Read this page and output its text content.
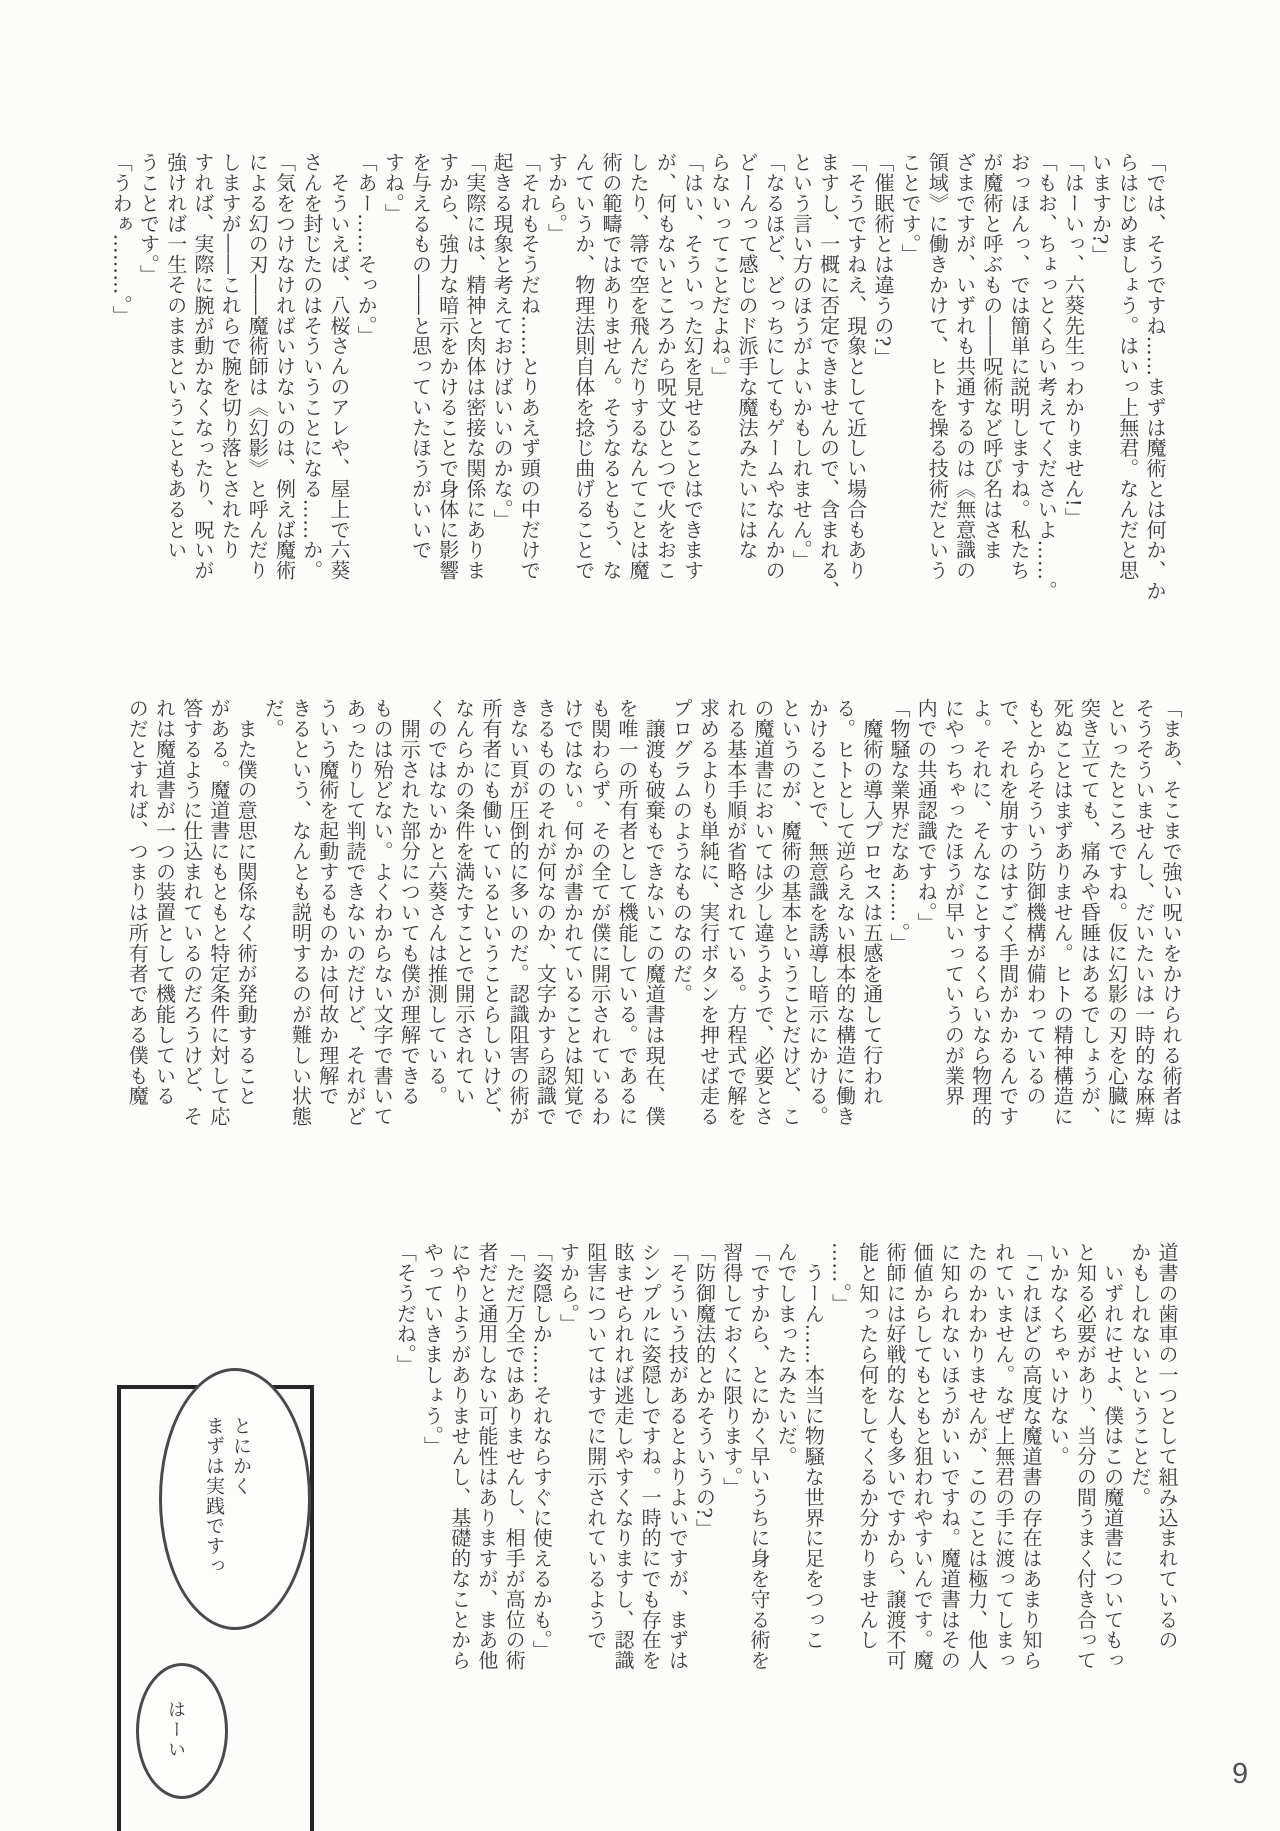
「では、そうですね……まずは魔術とは何か、か
らはじめましょう。はいっ上無君。なんだと思
いますか?」
「はーいっ、六葵先生っわかりません!」
「もお、ちょっとくらい考えてくださいよ……。
おっほんっ、では簡単に説明しますね。私たち
が魔術と呼ぶもの――呪術など呼び名はさま
ざまですが、いずれも共通するのは《無意識の
領域》に働きかけて、ヒトを操る技術だという
ことです。」
「催眠術とは違うの?」
「そうですねえ、現象として近しい場合もあり
ますし、一概に否定できませんので、含まれる、
という言い方のほうがよいかもしれません。」
「なるほど、どっちにしてもゲームやなんかの
どーんって感じのド派手な魔法みたいにはな
らないってことだよね。」
「はい、そういった幻を見せることはできます
が、何もないところから呪文ひとつで火をおこ
したり、箒で空を飛んだりするなんてことは魔
術の範疇ではありません。そうなるともう、な
んていうか、物理法則自体を捻じ曲げることで
すから。」
「それもそうだね……とりあえず頭の中だけで
起きる現象と考えておけばいいのかな。」
「実際には、精神と肉体は密接な関係にありま
すから、強力な暗示をかけることで身体に影響
を与えるもの――と思っていたほうがいいで
すね。」
「あー……そっか。」
　そういえば、八桜さんのアレや、屋上で六葵
さんを封じたのはそういうことになる……か。
「気をつけなければいけないのは、例えば魔術
による幻の刃――魔術師は《幻影》と呼んだり
しますが――これらで腕を切り落とされたり
すれば、実際に腕が動かなくなったり、呪いが
強ければ一生そのままということもあるとい
うことです。」
「うわぁ………。」
「まあ、そこまで強い呪いをかけられる術者は
そうそういませんし、だいたいは一時的な麻痺
といったところですね。仮に幻影の刃を心臓に
突き立てても、痛みや昏睡はあるでしょうが、
死ぬことはまずありません。ヒトの精神構造に
もとからそういう防御機構が備わっているの
で、それを崩すのはすごく手間がかかるんです
よ。それに、そんなことするくらいなら物理的
にやっちゃったほうが早いっていうのが業界
内での共通認識ですね。」
「物騒な業界だなあ……。」
　魔術の導入プロセスは五感を通して行われ
る。ヒトとして逆らえない根本的な構造に働き
かけることで、無意識を誘導し暗示にかける。
というのが、魔術の基本ということだけど、こ
の魔道書においては少し違うようで、必要とさ
れる基本手順が省略されている。方程式で解を
求めるよりも単純に、実行ボタンを押せば走る
プログラムのようなものなのだ。
　譲渡も破棄もできないこの魔道書は現在、僕
を唯一の所有者として機能している。であるに
も関わらず、その全てが僕に開示されているわ
けではない。何かが書かれていることは知覚で
きるもののそれが何なのか、文字かすら認識で
きない頁が圧倒的に多いのだ。認識阻害の術が
所有者にも働いているということらしいけど、
なんらかの条件を満たすことで開示されてい
くのではないかと六葵さんは推測している。
　開示された部分についても僕が理解できる
ものは殆どない。よくわからない文字で書いて
あったりして判読できないのだけど、それがど
ういう魔術を起動するものかは何故か理解で
きるという、なんとも説明するのが難しい状態
だ。
　また僕の意思に関係なく術が発動すること
がある。魔道書にもともと特定条件に対して応
答するように仕込まれているのだろうけど、そ
れは魔道書が一つの装置として機能している
のだとすれば、つまりは所有者である僕も魔
道書の歯車の一つとして組み込まれているの
かもしれないということだ。
　いずれにせよ、僕はこの魔道書についてもっ
と知る必要があり、当分の間うまく付き合って
いかなくちゃいけない。
「これほどの高度な魔道書の存在はあまり知ら
れていません。なぜ上無君の手に渡ってしまっ
たのかわかりませんが、このことは極力、他人
に知られないほうがいいですね。魔道書はその
価値からしてもともと狙われやすいんです。魔
術師には好戦的な人も多いですから、譲渡不可
能と知ったら何をしてくるか分かりませんし
……。」
　うーん……本当に物騒な世界に足をつっこ
んでしまったみたいだ。
「ですから、とにかく早いうちに身を守る術を
習得しておくに限ります。」
「防御魔法的とかそういうの?」
「そういう技があるとよりよいですが、まずは
シンプルに姿隠しですね。一時的にでも存在を
眩ませられれば逃走しやすくなりますし、認識
阻害についてはすでに開示されているようで
すから。」
「姿隠しか……それならすぐに使えるかも。」
「ただ万全ではありませんし、相手が高位の術
者だと通用しない可能性はありますが、まあ他
にやりようがありませんし、基礎的なことから
やっていきましょう。」
「そうだね。」
とにかく
まずは実践ですっ
はーい
9
